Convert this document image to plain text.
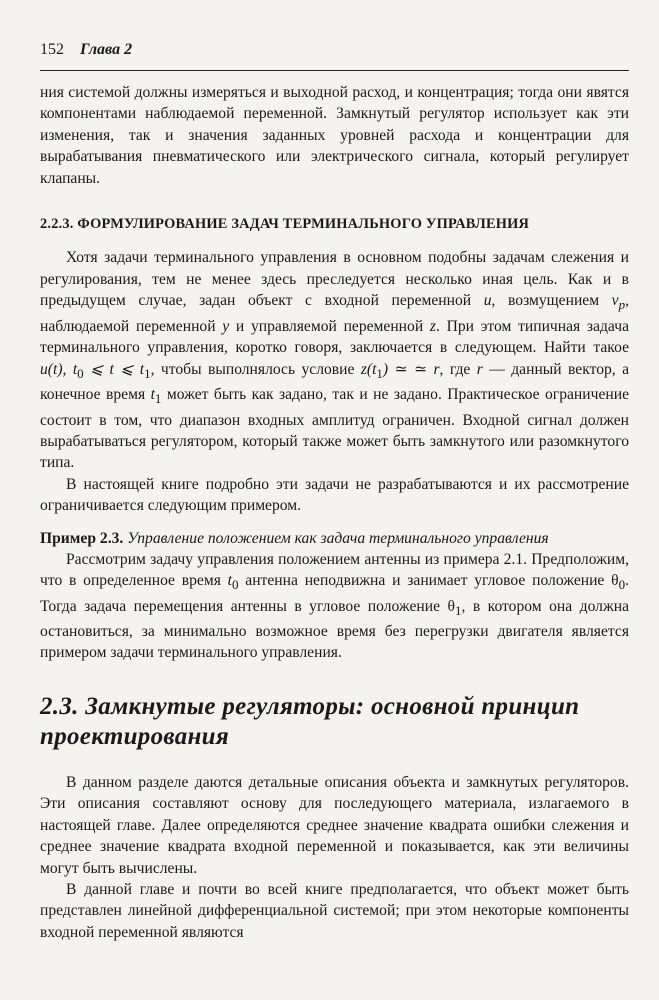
152 Глава 2

ния системой должны измеряться и выходной расход, и концентрация; тогда они явятся компонентами наблюдаемой переменной. Замкнутый регулятор использует как эти изменения, так и значения заданных уровней расхода и концентрации для вырабатывания пневматического или электрического сигнала, который регулирует клапаны.

2.2.3. ФОРМУЛИРОВАНИЕ ЗАДАЧ ТЕРМИНАЛЬНОГО УПРАВЛЕНИЯ

Хотя задачи терминального управления в основном подобны задачам слежения и регулирования, тем не менее здесь преследуется несколько иная цель. Как и в предыдущем случае, задан объект с входной переменной u, возмущением $v_p$, наблюдаемой переменной y и управляемой переменной z. При этом типичная задача терминального управления, коротко говоря, заключается в следующем. Найти такое u(t), $t_0$ ⩽ t ⩽ $t_1$, чтобы выполнялось условие $z(t_1)$ ≃ ≃ r, где r — данный вектор, а конечное время $t_1$ может быть как задано, так и не задано. Практическое ограничение состоит в том, что диапазон входных амплитуд ограничен. Входной сигнал должен вырабатываться регулятором, который также может быть замкнутого или разомкнутого типа.

В настоящей книге подробно эти задачи не разрабатываются и их рассмотрение ограничивается следующим примером.

Пример 2.3. Управление положением как задача терминального управления

Рассмотрим задачу управления положением антенны из примера 2.1. Предположим, что в определенное время $t_0$ антенна неподвижна и занимает угловое положение $\theta_0$. Тогда задача перемещения антенны в угловое положение $\theta_1$, в котором она должна остановиться, за минимально возможное время без перегрузки двигателя является примером задачи терминального управления.

2.3. Замкнутые регуляторы: основной принцип проектирования

В данном разделе даются детальные описания объекта и замкнутых регуляторов. Эти описания составляют основу для последующего материала, излагаемого в настоящей главе. Далее определяются среднее значение квадрата ошибки слежения и среднее значение квадрата входной переменной и показывается, как эти величины могут быть вычислены.

В данной главе и почти во всей книге предполагается, что объект может быть представлен линейной дифференциальной системой; при этом некоторые компоненты входной переменной являются
